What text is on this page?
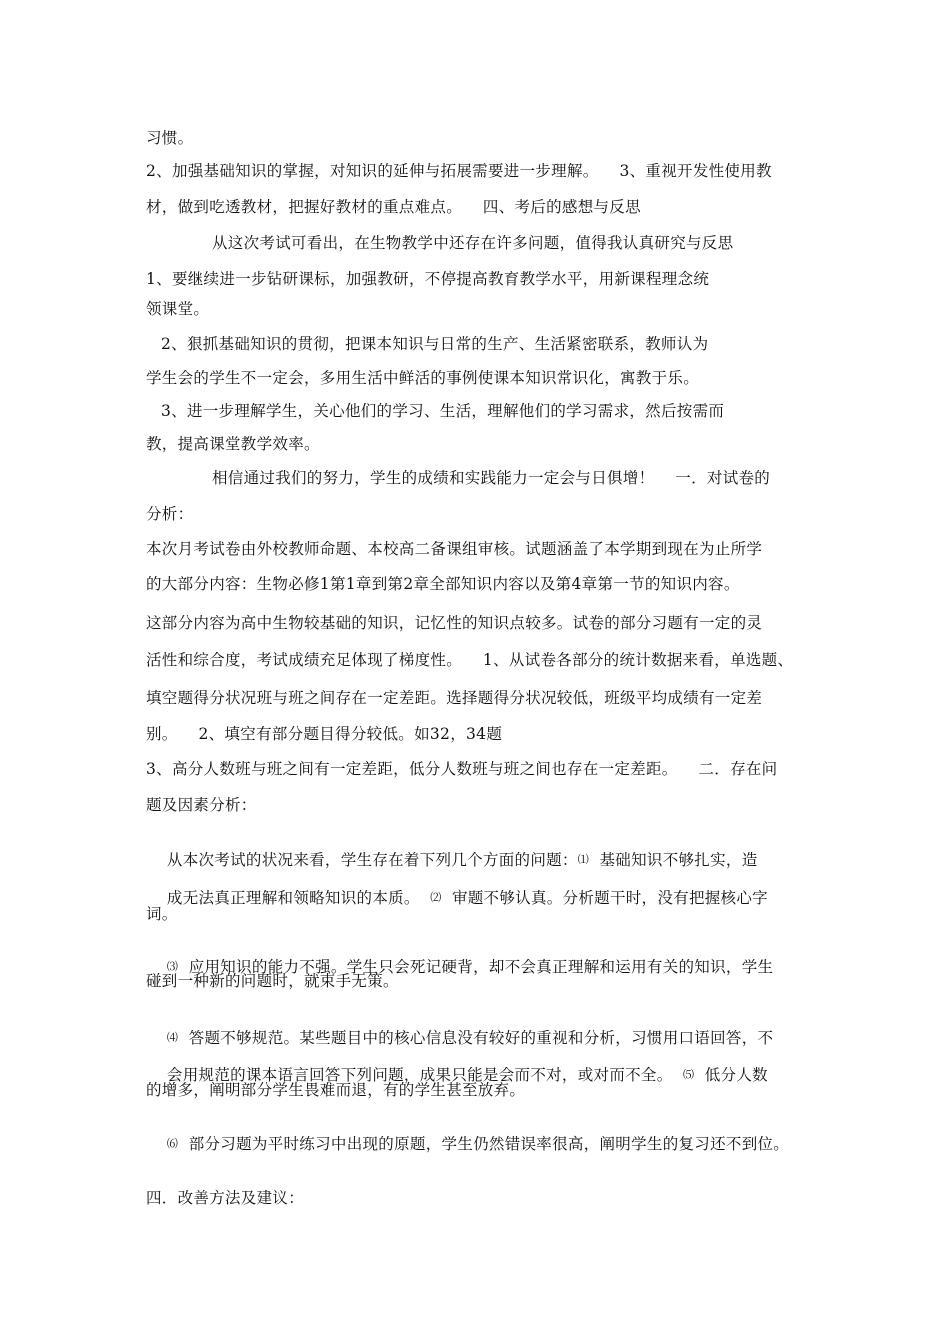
习惯。
2、加强基础知识的掌握，对知识的延伸与拓展需要进一步理解。    3、重视开发性使用教
材，做到吃透教材，把握好教材的重点难点。    四、考后的感想与反思
从这次考试可看出，在生物教学中还存在许多问题，值得我认真研究与反思
1、要继续进一步钻研课标，加强教研，不停提高教育教学水平，用新课程理念统
领课堂。
2、狠抓基础知识的贯彻，把课本知识与日常的生产、生活紧密联系，教师认为
学生会的学生不一定会，多用生活中鲜活的事例使课本知识常识化，寓教于乐。
3、进一步理解学生，关心他们的学习、生活，理解他们的学习需求，然后按需而
教，提高课堂教学效率。
相信通过我们的努力，学生的成绩和实践能力一定会与日俱增！    一．对试卷的
分析：
本次月考试卷由外校教师命题、本校高二备课组审核。试题涵盖了本学期到现在为止所学
的大部分内容：生物必修1第1章到第2章全部知识内容以及第4章第一节的知识内容。
这部分内容为高中生物较基础的知识，记忆性的知识点较多。试卷的部分习题有一定的灵
活性和综合度，考试成绩充足体现了梯度性。    1、从试卷各部分的统计数据来看，单选题、
填空题得分状况班与班之间存在一定差距。选择题得分状况较低，班级平均成绩有一定差
别。    2、填空有部分题目得分较低。如32，34题
3、高分人数班与班之间有一定差距，低分人数班与班之间也存在一定差距。    二．存在问
题及因素分析：

从本次考试的状况来看，学生存在着下列几个方面的问题：⑴  基础知识不够扎实，造

成无法真正理解和领略知识的本质。  ⑵  审题不够认真。分析题干时，没有把握核心字

词。

⑶  应用知识的能力不强。学生只会死记硬背，却不会真正理解和运用有关的知识，学生

碰到一种新的问题时，就束手无策。

⑷  答题不够规范。某些题目中的核心信息没有较好的重视和分析，习惯用口语回答，不

会用规范的课本语言回答下列问题，成果只能是会而不对，或对而不全。  ⑸  低分人数

的增多，阐明部分学生畏难而退，有的学生甚至放弃。

⑹  部分习题为平时练习中出现的原题，学生仍然错误率很高，阐明学生的复习还不到位。

四．改善方法及建议：
